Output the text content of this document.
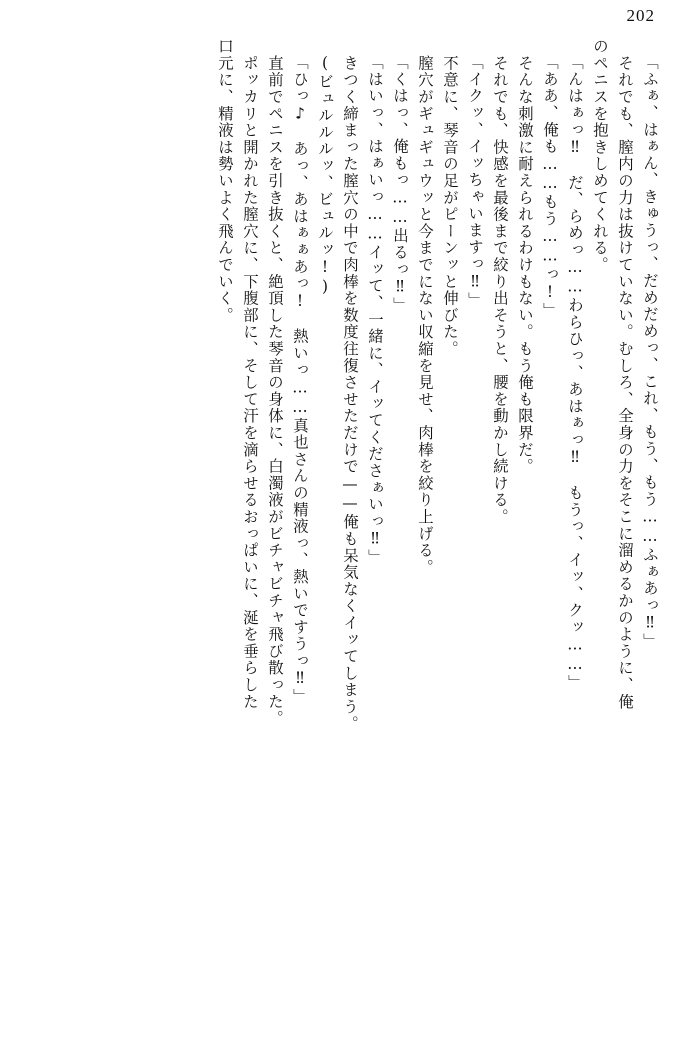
202
「ふぁ、はぁん、きゅうっ、だめだめっ、これ、もう、もう……ふぁあっ‼」
　それでも、膣内の力は抜けていない。むしろ、全身の力をそこに溜めるかのように、俺
のペニスを抱きしめてくれる。
「んはぁっ‼　だ、らめっ……わらひっ、あはぁっ‼　もうっ、イッ、クッ……」
「ああ、俺も……もう……っ!」
　そんな刺激に耐えられるわけもない。もう俺も限界だ。
　それでも、快感を最後まで絞り出そうと、腰を動かし続ける。
「イクッ、イッちゃいますっ‼」
　不意に、琴音の足がピーンッと伸びた。
　膣穴がギュギュウッと今までにない収縮を見せ、肉棒を絞り上げる。
「くはっ、俺もっ……出るっ‼」
「はいっ、はぁいっ……イッて、一緒に、イッてくださぁいっ‼」
　きつく締まった膣穴の中で肉棒を数度往復させただけで——俺も呆気なくイッてしまう。
(ビュルルルッ、ビュルッ!)
「ひっ♪　あっ、あはぁぁあっ!　熱いっ……真也さんの精液っ、熱いですうっ‼」
　直前でペニスを引き抜くと、絶頂した琴音の身体に、白濁液がビチャビチャ飛び散った。
　ポッカリと開かれた膣穴に、下腹部に、そして汗を滴らせるおっぱいに、涎を垂らした
口元に、精液は勢いよく飛んでいく。
